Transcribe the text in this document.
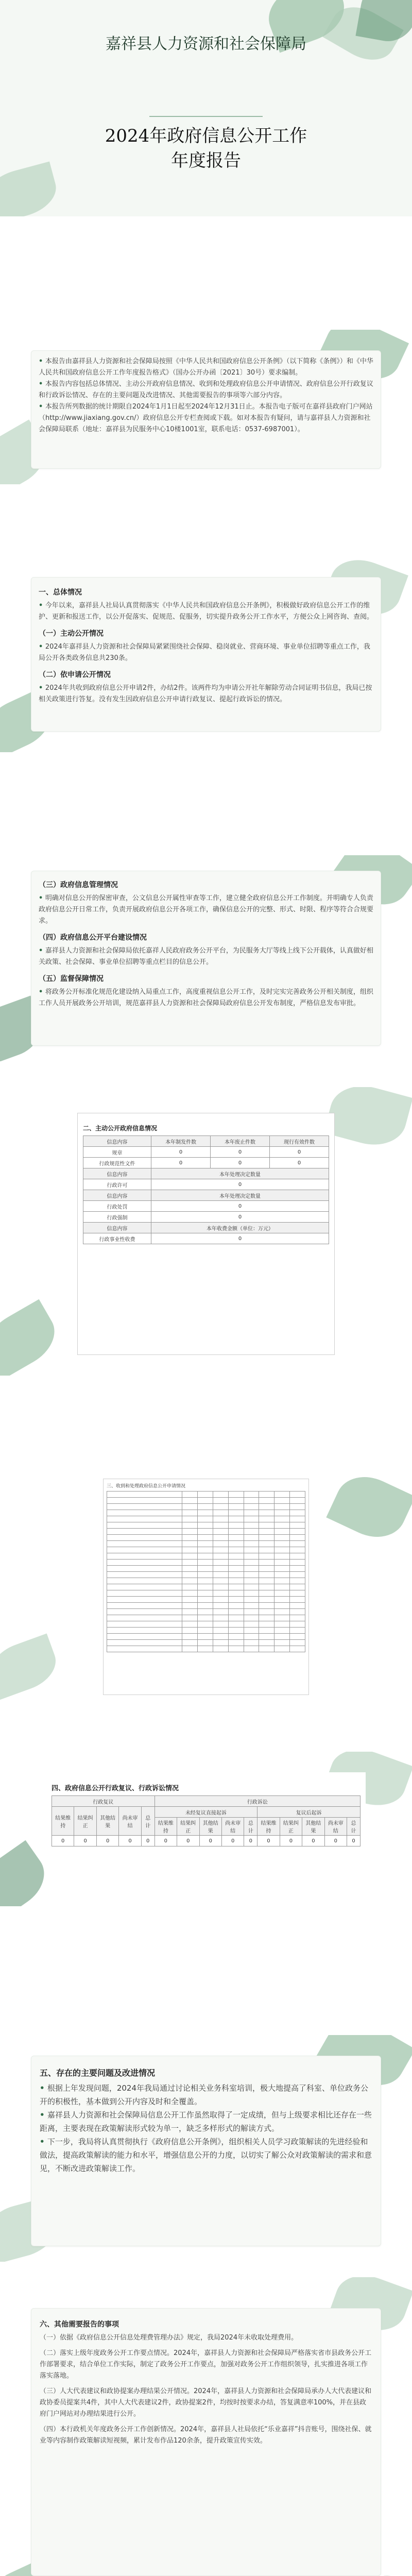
嘉祥县人力资源和社会保障局
2024年政府信息公开工作
年度报告

• 本报告由嘉祥县人力资源和社会保障局按照《中华人民共和国政府信息公开条例》（以下简称《条例》）和《中华人民共和国政府信息公开工作年度报告格式》（国办公开办函〔2021〕30号）要求编制。

• 本报告内容包括总体情况、主动公开政府信息情况、收到和处理政府信息公开申请情况、政府信息公开行政复议和行政诉讼情况、存在的主要问题及改进情况、其他需要报告的事项等六部分内容。

• 本报告所列数据的统计期限自2024年1月1日起至2024年12月31日止。本报告电子版可在嘉祥县政府门户网站（http://www.jiaxiang.gov.cn/）政府信息公开专栏查阅或下载。如对本报告有疑问，请与嘉祥县人力资源和社会保障局联系（地址：嘉祥县为民服务中心10楼1001室，联系电话：0537-6987001）。

一、总体情况

• 今年以来，嘉祥县人社局认真贯彻落实《中华人民共和国政府信息公开条例》，积极做好政府信息公开工作的维护、更新和报送工作，以公开促落实、促规范、促服务，切实提升政务公开工作水平，方便公众上网咨询、查阅。

（一）主动公开情况

• 2024年嘉祥县人力资源和社会保障局紧紧围绕社会保障、稳岗就业、营商环境、事业单位招聘等重点工作，我局公开各类政务信息共230条。

（二）依申请公开情况

• 2024年共收到政府信息公开申请2件，办结2件。该两件均为申请公开社年解除劳动合同证明书信息，我局已按相关政策进行答复。没有发生因政府信息公开申请行政复议、提起行政诉讼的情况。

（三）政府信息管理情况

• 明确对信息公开的保密审查，公文信息公开属性审查等工作，建立健全政府信息公开工作制度。并明确专人负责政府信息公开日常工作，负责开展政府信息公开各项工作，确保信息公开的完整、形式、时限、程序等符合合规要求。

（四）政府信息公开平台建设情况

• 嘉祥县人力资源和社会保障局依托嘉祥人民政府政务公开平台，为民服务大厅等线上线下公开载体，认真做好相关政策、社会保障、事业单位招聘等重点栏目的信息公开。

（五）监督保障情况

• 将政务公开标准化规范化建设纳入局重点工作，高度重视信息公开工作，及时完实完善政务公开相关制度，组织工作人员开展政务公开培训，规范嘉祥县人力资源和社会保障局政府信息公开发布制度，严格信息发布审批。

二、主动公开政府信息情况
信息内容	本年制发件数	本年废止件数	现行有效件数
规章	0	0	0
行政规范性文件	0	0	0
信息内容	本年处理决定数量		
行政许可	0		
信息内容	本年处理决定数量		
行政处罚	0		
行政强制	0		
信息内容	本年收费金额（单位：万元）		
行政事业性收费	0		
三、收到和处理政府信息公开申请情况

四、政府信息公开行政复议、行政诉讼情况
行政复议					行政诉讼									
结果维持	结果纠正	其他结果	尚未审结	总计	未经复议直接起诉					复议后起诉				
					结果维持	结果纠正	其他结果	尚未审结	总计	结果维持	结果纠正	其他结果	尚未审结	总计
0	0	0	0	0	0	0	0	0	0	0	0	0	0	0
五、存在的主要问题及改进情况

• 根据上年发现问题，2024年我局通过讨论相关业务科室培训，极大地提高了科室、单位政务公开的积极性，基本做到公开内容及时和全覆盖。

• 嘉祥县人力资源和社会保障局信息公开工作虽然取得了一定成绩，但与上级要求相比还存在一些距离，主要表现在政策解读形式较为单一，缺乏多样形式的解读方式。

• 下一步，我局将认真贯彻执行《政府信息公开条例》，组织相关人员学习政策解读的先进经验和做法，提高政策解读的能力和水平，增强信息公开的力度，以切实了解公众对政策解读的需求和意见，不断改进政策解读工作。

六、其他需要报告的事项

（一）依据《政府信息公开信息处理费管理办法》规定，我局2024年未收取处理费用。

（二）落实上级年度政务公开工作要点情况。2024年，嘉祥县人力资源和社会保障局严格落实省市县政务公开工作部署要求，结合单位工作实际，制定了政务公开工作要点，加强对政务公开工作组织领导，扎实推进各项工作落实落地。

（三）人大代表建议和政协提案办理结果公开情况。2024年，嘉祥县人力资源和社会保障局承办人大代表建议和政协委员提案共4件，其中人大代表建议2件，政协提案2件，均按时按要求办结，答复满意率100%，并在县政府门户网站对办理结果进行公开。

（四）本行政机关年度政务公开工作创新情况。2024年，嘉祥县人社局依托“乐业嘉祥”抖音账号，围绕社保、就业等内容制作政策解读短视频，累计发布作品120余条，提升政策宣传实效。
